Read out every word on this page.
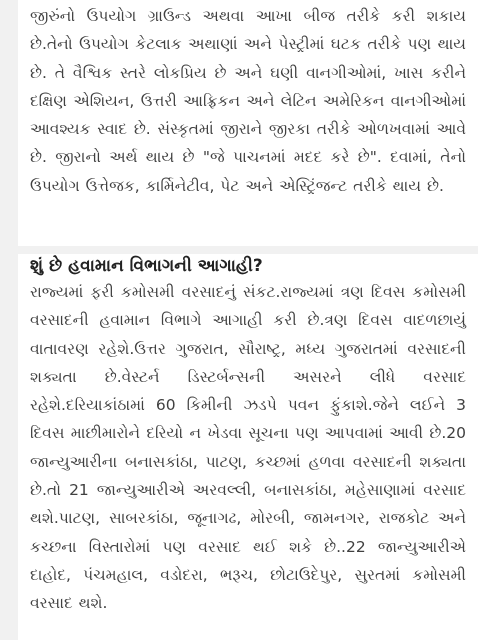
જીરુંનો ઉપયોગ ગ્રાઉન્ડ અથવા આખા બીજ તરીકે કરી શકાય છે.તેનો ઉપયોગ કેટલાક અથાણાં અને પેસ્ટ્રીમાં ઘટક તરીકે પણ થાય છે. તે વૈશ્વિક સ્તરે લોકપ્રિય છે અને ઘણી વાનગીઓમાં, ખાસ કરીને દક્ષિણ એશિયન, ઉત્તરી આફ્રિકન અને લેટિન અમેરિકન વાનગીઓમાં આવશ્યક સ્વાદ છે. સંસ્કૃતમાં જીરાને જીરકા તરીકે ઓળખવામાં આવે છે. જીરાનો અર્થ થાય છે "જે પાચનમાં મદદ કરે છે". દવામાં, તેનો ઉપયોગ ઉત્તેજક, કાર્મિનેટીવ, પેટ અને એસ્ટ્રિંજન્ટ તરીકે થાય છે.

શું છે હવામાન વિભાગની આગાહી?

રાજ્યમાં ફરી કમોસમી વરસાદનું સંકટ.રાજ્યમાં ત્રણ દિવસ કમોસમી વરસાદની હવામાન વિભાગે આગાહી કરી છે.ત્રણ દિવસ વાદળછાયું વાતાવરણ રહેશે.ઉત્તર ગુજરાત, સૌરાષ્ટ્ર, મધ્ય ગુજરાતમાં વરસાદની શક્યતા છે.વેસ્ટર્ન ડિસ્ટર્બન્સની અસરને લીધે વરસાદ રહેશે.દરિયાકાંઠામાં 60 કિમીની ઝડપે પવન ફુંકાશે.જેને લઈને 3 દિવસ માછીમારોને દરિયો ન ખેડવા સૂચના પણ આપવામાં આવી છે.20 જાન્યુઆરીના બનાસકાંઠા, પાટણ, કચ્છમાં હળવા વરસાદની શક્યતા છે.તો 21 જાન્યુઆરીએ અરવલ્લી, બનાસકાંઠા, મહેસાણામાં વરસાદ થશે.પાટણ, સાબરકાંઠા, જૂનાગઢ, મોરબી, જામનગર, રાજકોટ અને કચ્છના વિસ્તારોમાં પણ વરસાદ થઈ શકે છે..22 જાન્યુઆરીએ દાહોદ, પંચમહાલ, વડોદરા, ભરૂચ, છોટાઉદેપુર, સુરતમાં કમોસમી વરસાદ થશે.
